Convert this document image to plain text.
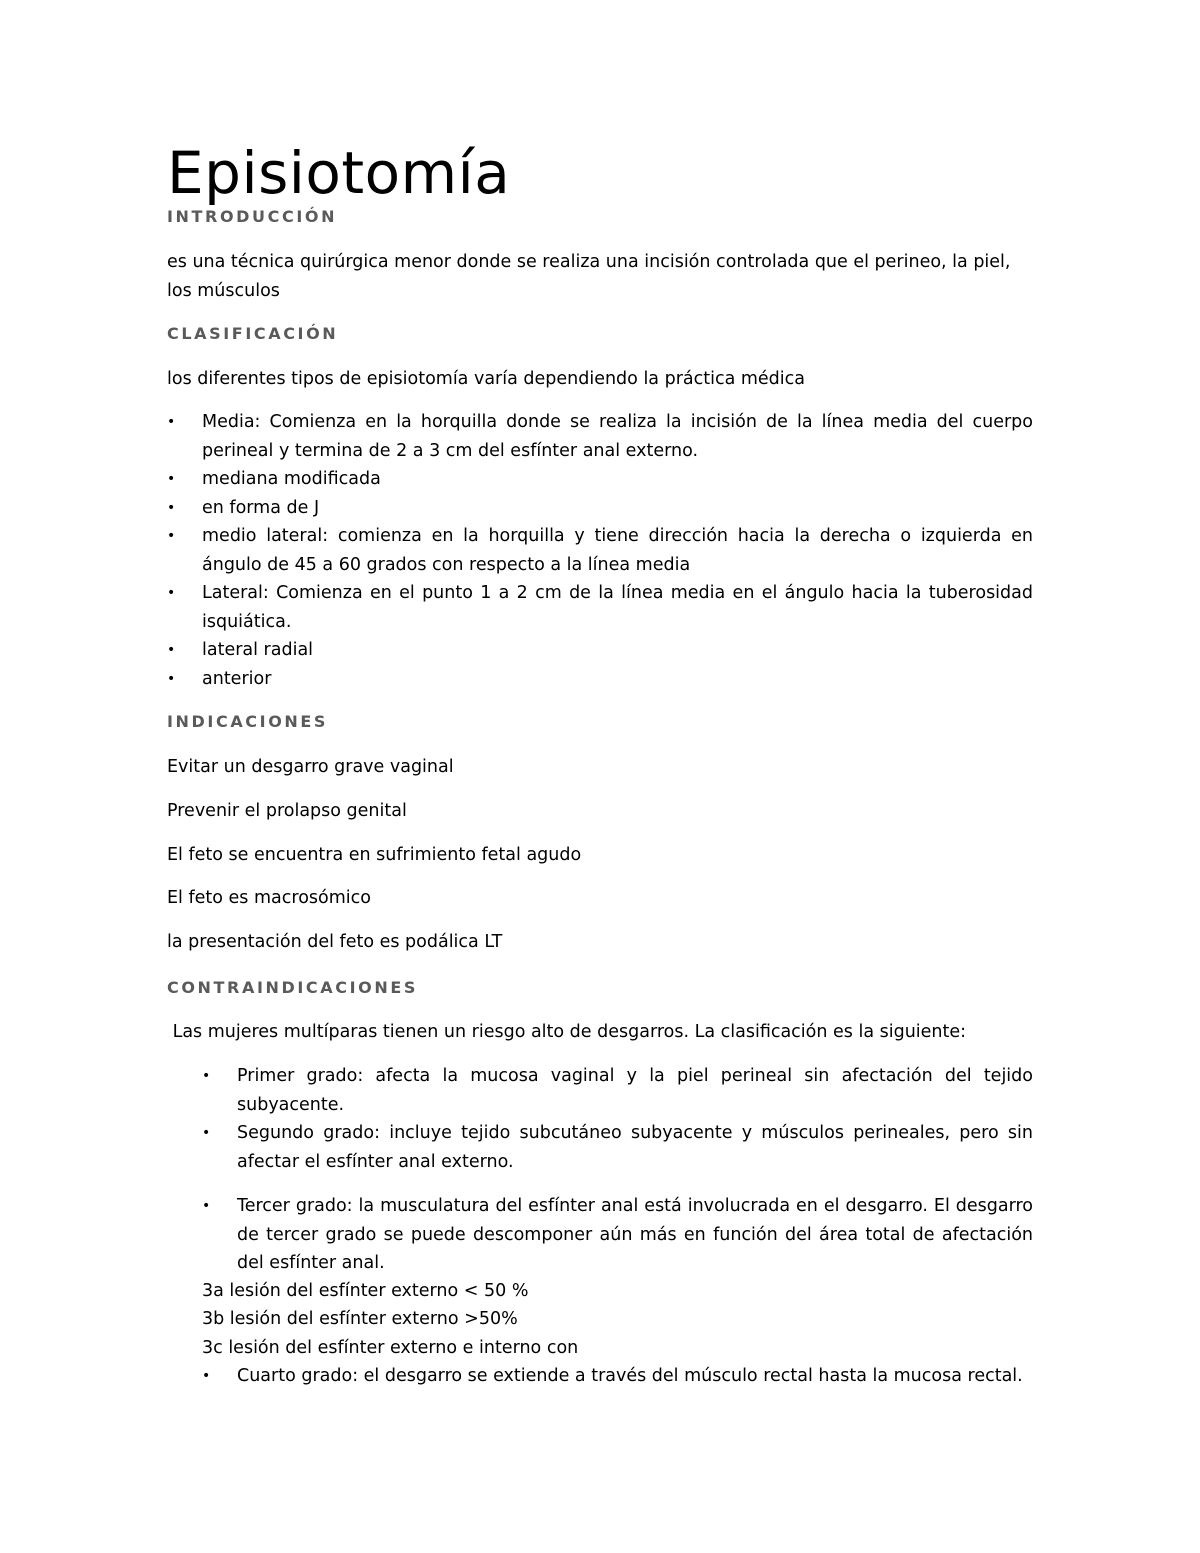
Episiotomía
INTRODUCCIÓN

es una técnica quirúrgica menor donde se realiza una incisión controlada que el perineo, la piel, los músculos

CLASIFICACIÓN

los diferentes tipos de episiotomía varía dependiendo la práctica médica

• Media: Comienza en la horquilla donde se realiza la incisión de la línea media del cuerpo perineal y termina de 2 a 3 cm del esfínter anal externo.
• mediana modificada
• en forma de J
• medio lateral: comienza en la horquilla y tiene dirección hacia la derecha o izquierda en ángulo de 45 a 60 grados con respecto a la línea media
• Lateral: Comienza en el punto 1 a 2 cm de la línea media en el ángulo hacia la tuberosidad isquiática.
• lateral radial
• anterior
INDICACIONES

Evitar un desgarro grave vaginal

Prevenir el prolapso genital

El feto se encuentra en sufrimiento fetal agudo

El feto es macrosómico

la presentación del feto es podálica LT

CONTRAINDICACIONES

Las mujeres multíparas tienen un riesgo alto de desgarros. La clasificación es la siguiente:

• Primer grado: afecta la mucosa vaginal y la piel perineal sin afectación del tejido subyacente.
• Segundo grado: incluye tejido subcutáneo subyacente y músculos perineales, pero sin afectar el esfínter anal externo.
• Tercer grado: la musculatura del esfínter anal está involucrada en el desgarro. El desgarro de tercer grado se puede descomponer aún más en función del área total de afectación del esfínter anal.

3a lesión del esfínter externo < 50 %

3b lesión del esfínter externo >50%

3c lesión del esfínter externo e interno con

• Cuarto grado: el desgarro se extiende a través del músculo rectal hasta la mucosa rectal.
